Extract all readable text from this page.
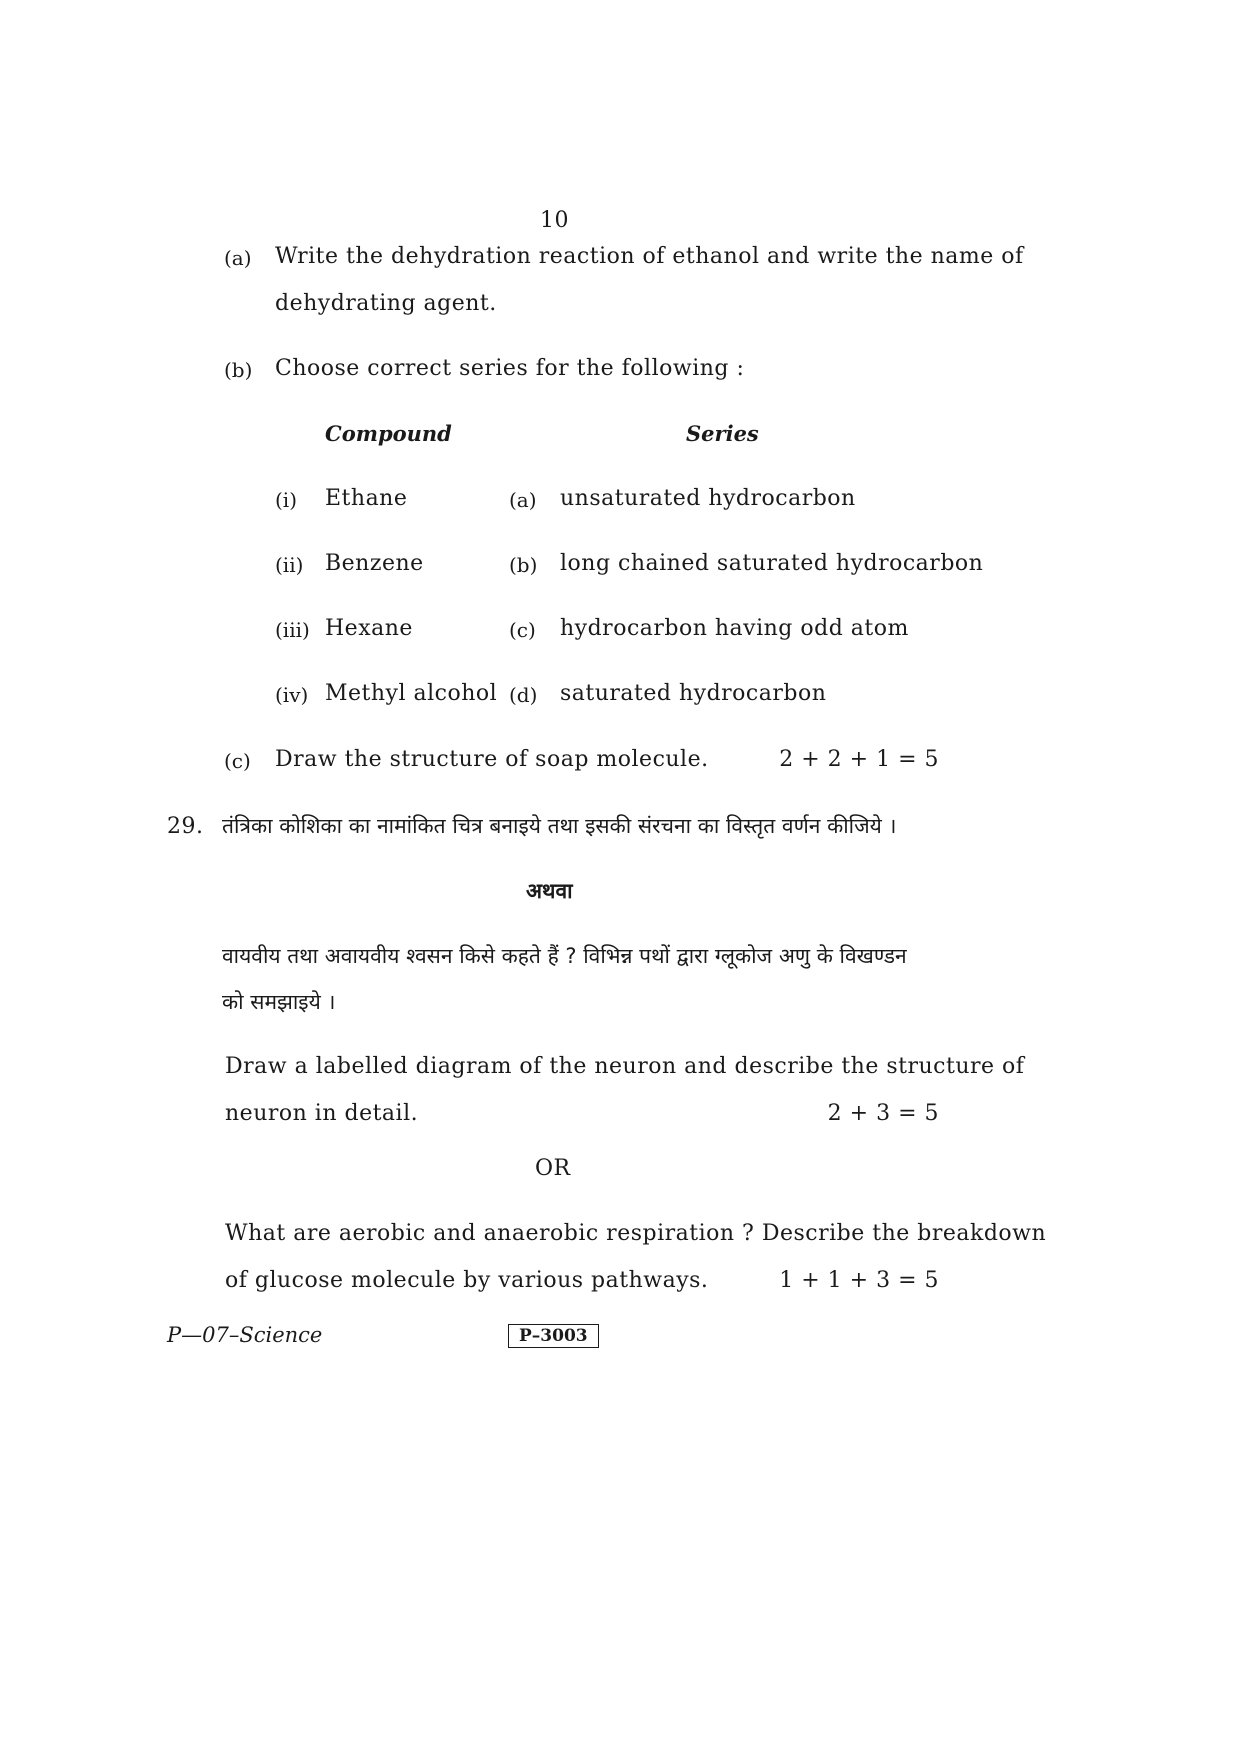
10
(a) Write the dehydration reaction of ethanol and write the name of
dehydrating agent.
(b) Choose correct series for the following :
Compound	Series
(i) Ethane	(a) unsaturated hydrocarbon
(ii) Benzene	(b) long chained saturated hydrocarbon
(iii) Hexane	(c) hydrocarbon having odd atom
(iv) Methyl alcohol (d) saturated hydrocarbon
(c) Draw the structure of soap molecule.	2 + 2 + 1 = 5
29. तंत्रिका कोशिका का नामांकित चित्र बनाइये तथा इसकी संरचना का विस्तृत वर्णन कीजिये ।
अथवा
वायवीय तथा अवायवीय श्वसन किसे कहते हैं ? विभिन्न पथों द्वारा ग्लूकोज अणु के विखण्डन
को समझाइये ।
Draw a labelled diagram of the neuron and describe the structure of
neuron in detail.	2 + 3 = 5
OR
What are aerobic and anaerobic respiration ? Describe the breakdown
of glucose molecule by various pathways.	1 + 1 + 3 = 5
P—07–Science	P–3003
